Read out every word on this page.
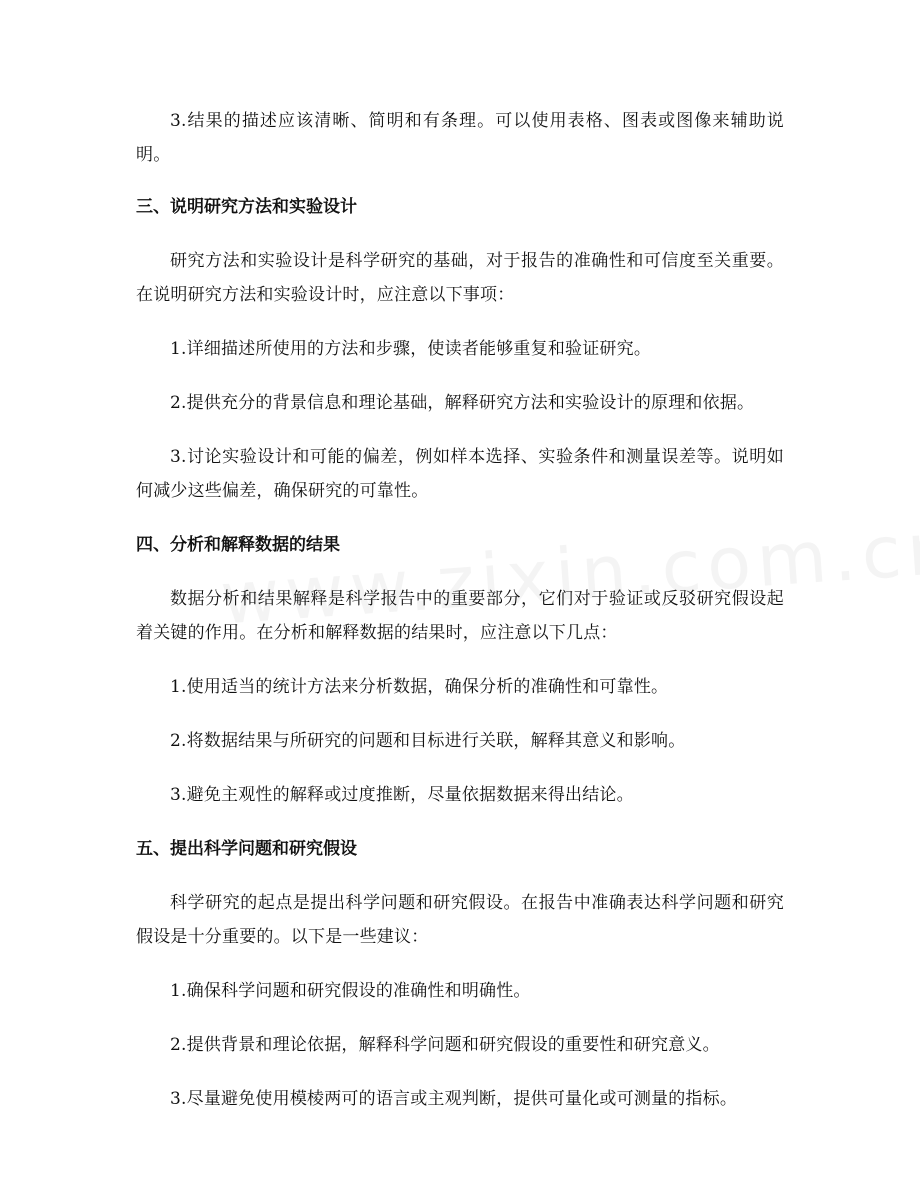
3.结果的描述应该清晰、简明和有条理。可以使用表格、图表或图像来辅助说明。

三、说明研究方法和实验设计

研究方法和实验设计是科学研究的基础，对于报告的准确性和可信度至关重要。在说明研究方法和实验设计时，应注意以下事项：

1.详细描述所使用的方法和步骤，使读者能够重复和验证研究。

2.提供充分的背景信息和理论基础，解释研究方法和实验设计的原理和依据。

3.讨论实验设计和可能的偏差，例如样本选择、实验条件和测量误差等。说明如何减少这些偏差，确保研究的可靠性。

四、分析和解释数据的结果

数据分析和结果解释是科学报告中的重要部分，它们对于验证或反驳研究假设起着关键的作用。在分析和解释数据的结果时，应注意以下几点：

1.使用适当的统计方法来分析数据，确保分析的准确性和可靠性。

2.将数据结果与所研究的问题和目标进行关联，解释其意义和影响。

3.避免主观性的解释或过度推断，尽量依据数据来得出结论。

五、提出科学问题和研究假设

科学研究的起点是提出科学问题和研究假设。在报告中准确表达科学问题和研究假设是十分重要的。以下是一些建议：

1.确保科学问题和研究假设的准确性和明确性。

2.提供背景和理论依据，解释科学问题和研究假设的重要性和研究意义。

3.尽量避免使用模棱两可的语言或主观判断，提供可量化或可测量的指标。
